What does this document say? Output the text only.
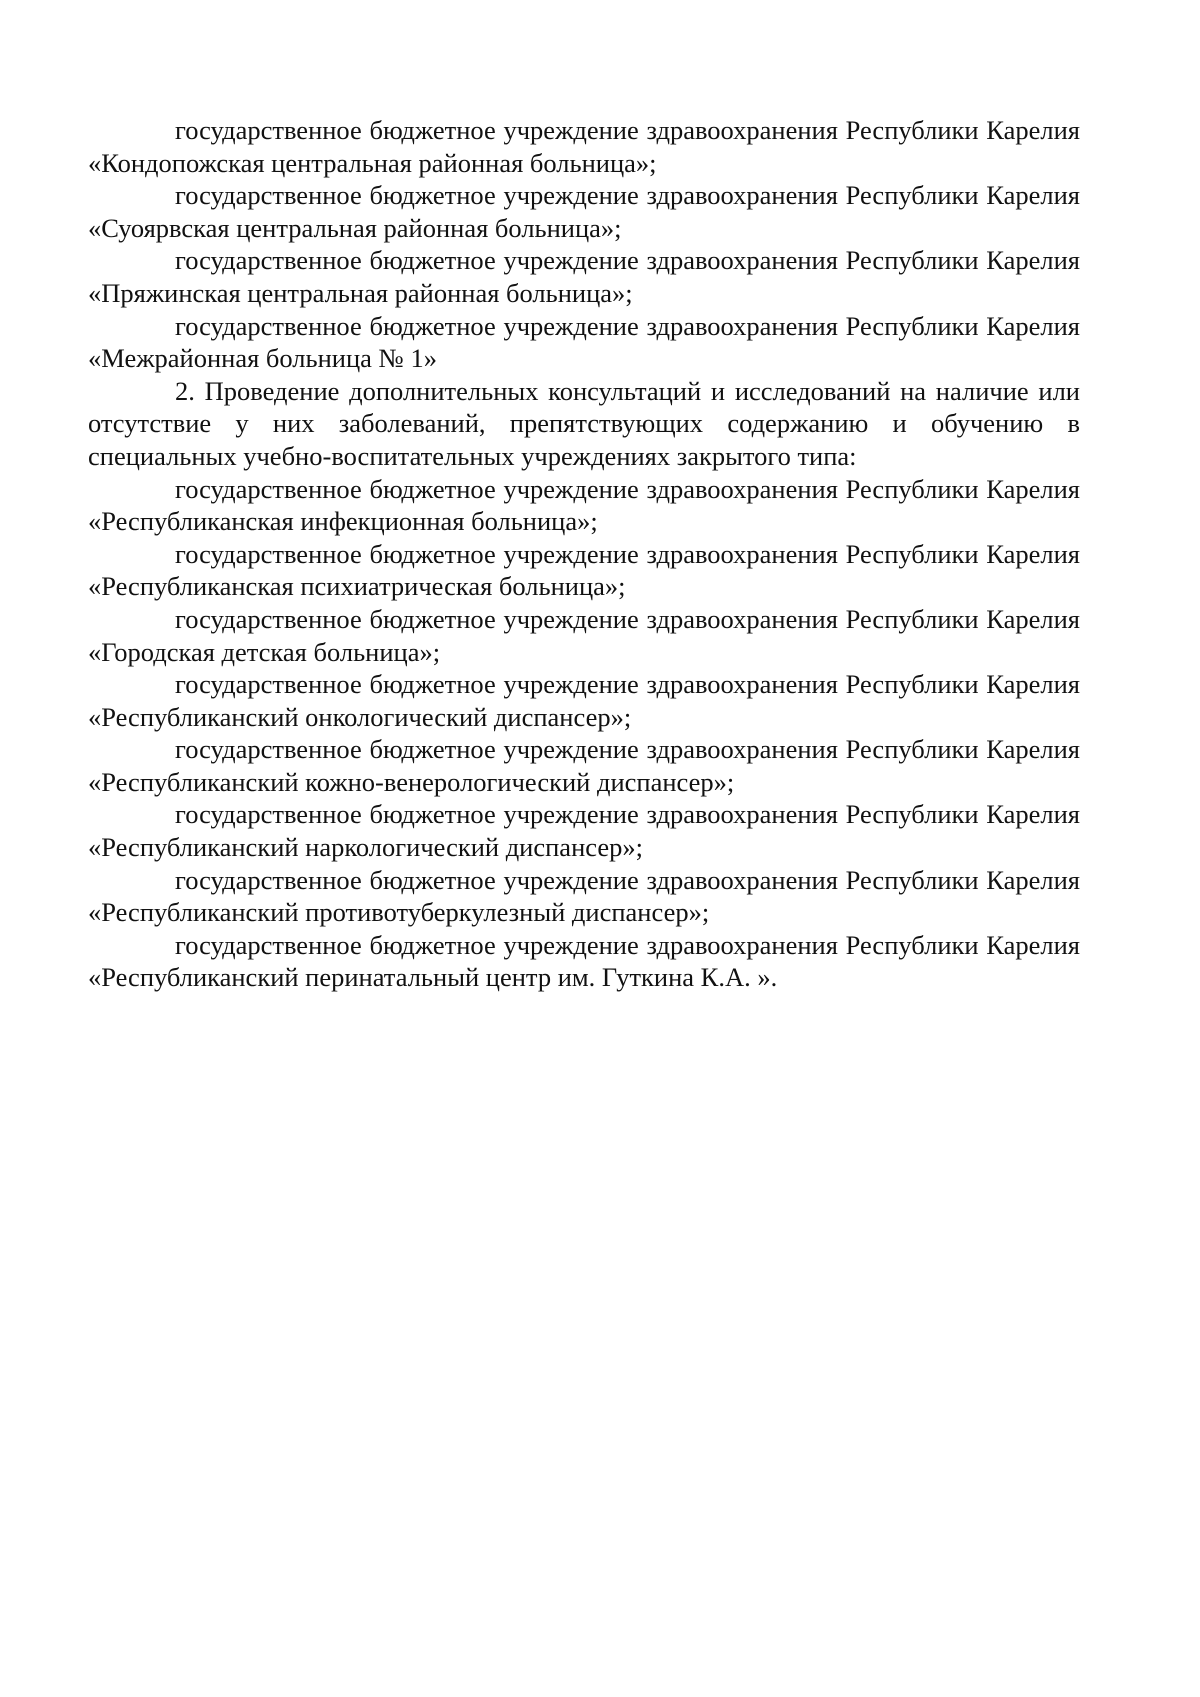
государственное бюджетное учреждение здравоохранения Республики Карелия «Кондопожская центральная районная больница»;

государственное бюджетное учреждение здравоохранения Республики Карелия «Суоярвская центральная районная больница»;

государственное бюджетное учреждение здравоохранения Республики Карелия «Пряжинская центральная районная больница»;

государственное бюджетное учреждение здравоохранения Республики Карелия «Межрайонная больница № 1»

2. Проведение дополнительных консультаций и исследований на наличие или отсутствие у них заболеваний, препятствующих содержанию и обучению в специальных учебно-воспитательных учреждениях закрытого типа:

государственное бюджетное учреждение здравоохранения Республики Карелия «Республиканская инфекционная больница»;

государственное бюджетное учреждение здравоохранения Республики Карелия «Республиканская психиатрическая больница»;

государственное бюджетное учреждение здравоохранения Республики Карелия «Городская детская больница»;

государственное бюджетное учреждение здравоохранения Республики Карелия «Республиканский онкологический диспансер»;

государственное бюджетное учреждение здравоохранения Республики Карелия «Республиканский кожно-венерологический диспансер»;

государственное бюджетное учреждение здравоохранения Республики Карелия «Республиканский наркологический диспансер»;

государственное бюджетное учреждение здравоохранения Республики Карелия «Республиканский противотуберкулезный диспансер»;

государственное бюджетное учреждение здравоохранения Республики Карелия «Республиканский перинатальный центр им. Гуткина К.А. ».
